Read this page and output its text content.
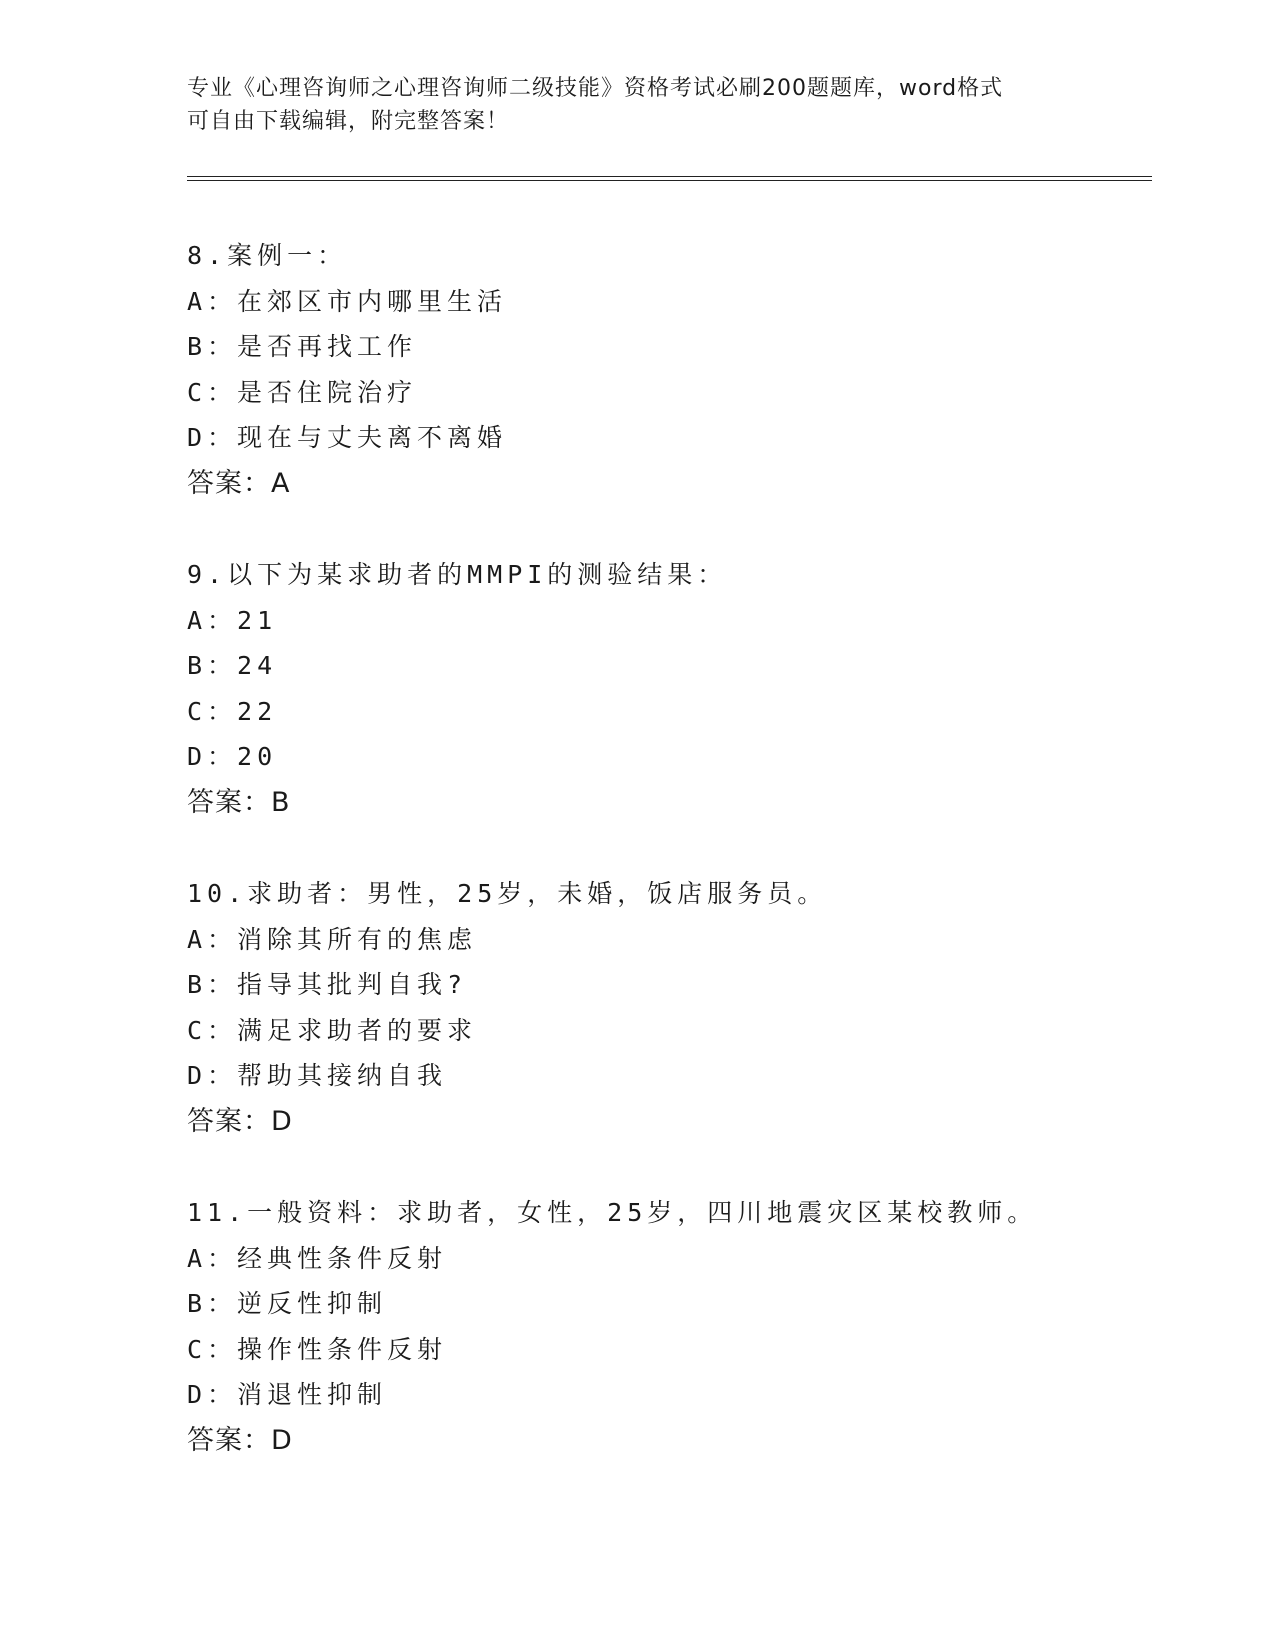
专业《心理咨询师之心理咨询师二级技能》资格考试必刷200题题库，word格式
可自由下载编辑，附完整答案！
8.案例一：
A：在郊区市内哪里生活
B：是否再找工作
C：是否住院治疗
D：现在与丈夫离不离婚
答案：A
9.以下为某求助者的MMPI的测验结果：
A：21
B：24
C：22
D：20
答案：B
10.求助者：男性，25岁，未婚，饭店服务员。
A：消除其所有的焦虑
B：指导其批判自我?
C：满足求助者的要求
D：帮助其接纳自我
答案：D
11.一般资料：求助者，女性，25岁，四川地震灾区某校教师。
A：经典性条件反射
B：逆反性抑制
C：操作性条件反射
D：消退性抑制
答案：D
